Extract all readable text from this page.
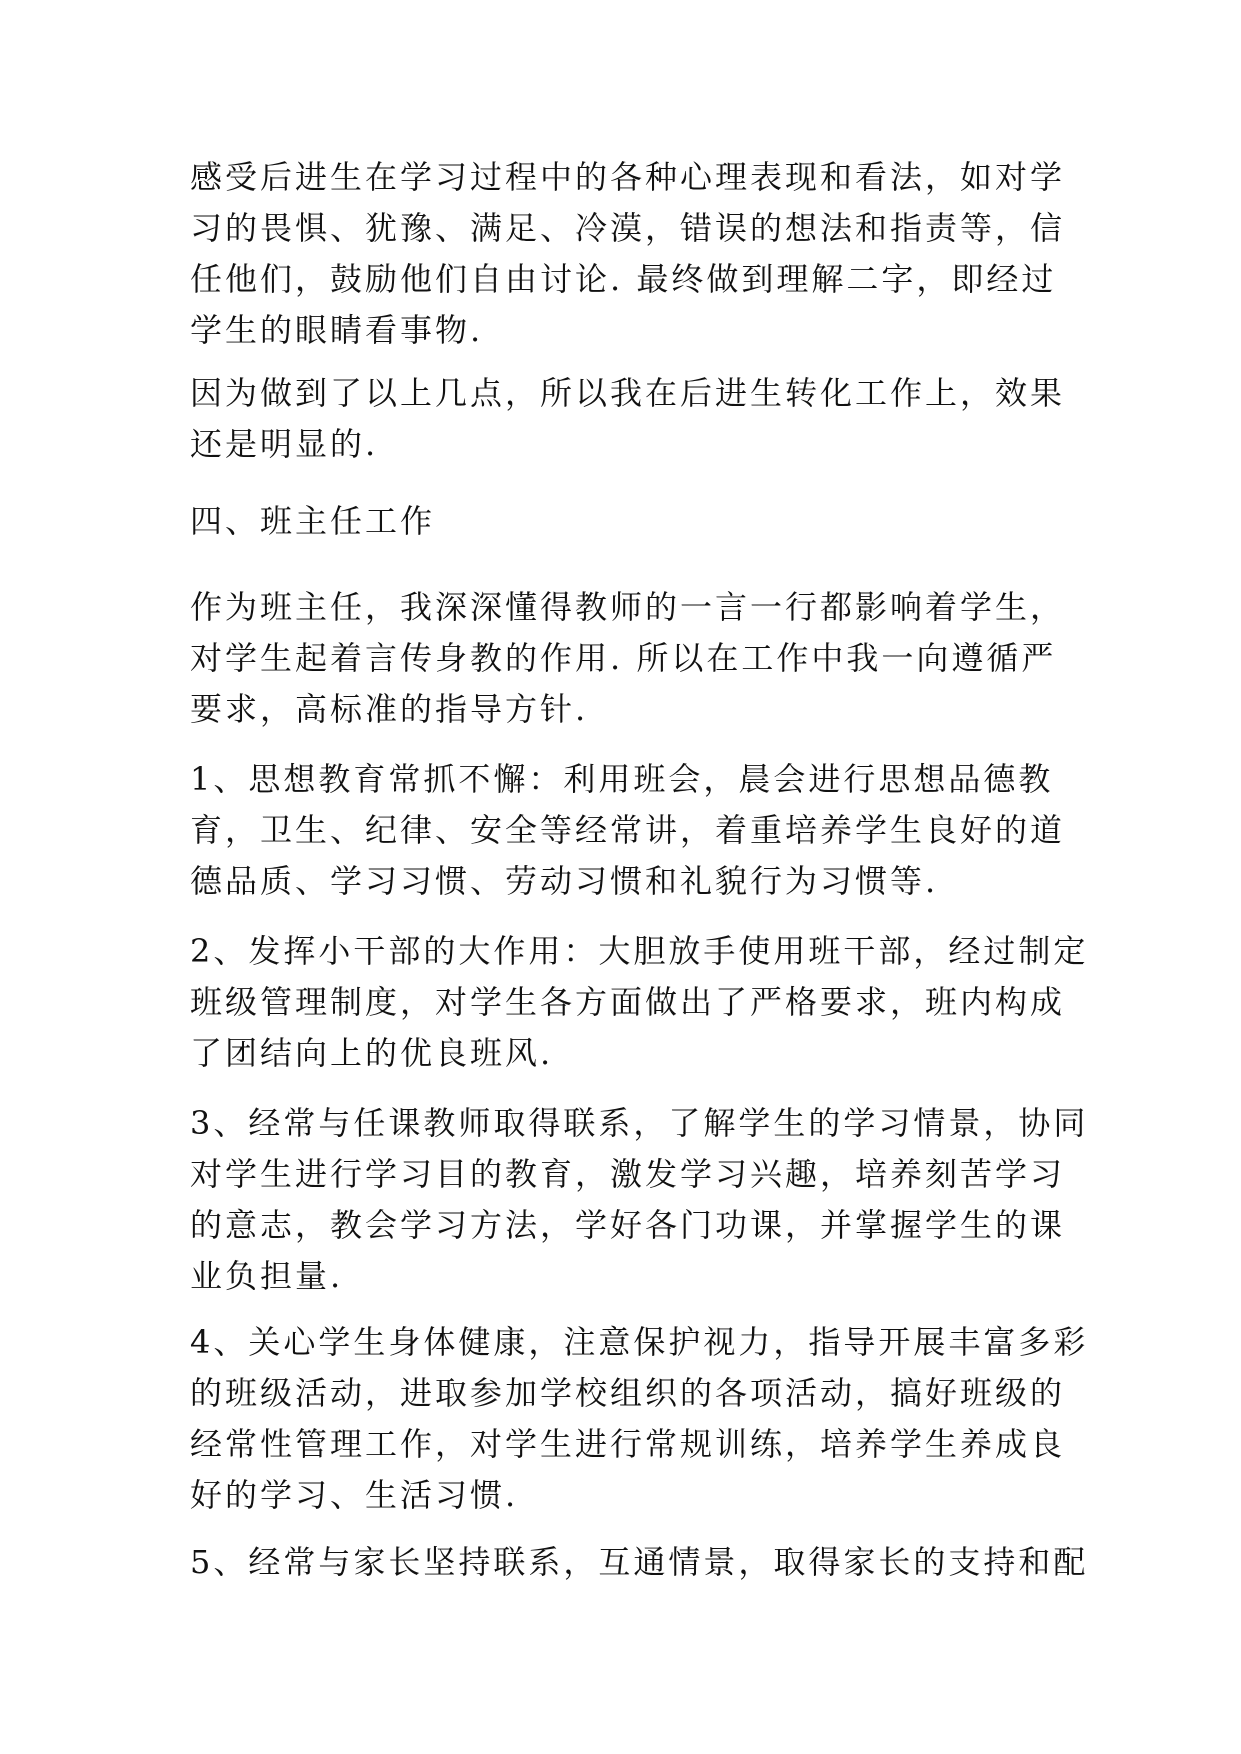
感受后进生在学习过程中的各种心理表现和看法，如对学
习的畏惧、犹豫、满足、冷漠，错误的想法和指责等，信
任他们，鼓励他们自由讨论. 最终做到理解二字，即经过
学生的眼睛看事物.
因为做到了以上几点，所以我在后进生转化工作上，效果
还是明显的.
四、班主任工作
作为班主任，我深深懂得教师的一言一行都影响着学生，
对学生起着言传身教的作用. 所以在工作中我一向遵循严
要求，高标准的指导方针.
1、思想教育常抓不懈：利用班会，晨会进行思想品德教
育，卫生、纪律、安全等经常讲，着重培养学生良好的道
德品质、学习习惯、劳动习惯和礼貌行为习惯等.
2、发挥小干部的大作用：大胆放手使用班干部，经过制定
班级管理制度，对学生各方面做出了严格要求，班内构成
了团结向上的优良班风.
3、经常与任课教师取得联系，了解学生的学习情景，协同
对学生进行学习目的教育，激发学习兴趣，培养刻苦学习
的意志，教会学习方法，学好各门功课，并掌握学生的课
业负担量.
4、关心学生身体健康，注意保护视力，指导开展丰富多彩
的班级活动，进取参加学校组织的各项活动，搞好班级的
经常性管理工作，对学生进行常规训练，培养学生养成良
好的学习、生活习惯.
5、经常与家长坚持联系，互通情景，取得家长的支持和配
